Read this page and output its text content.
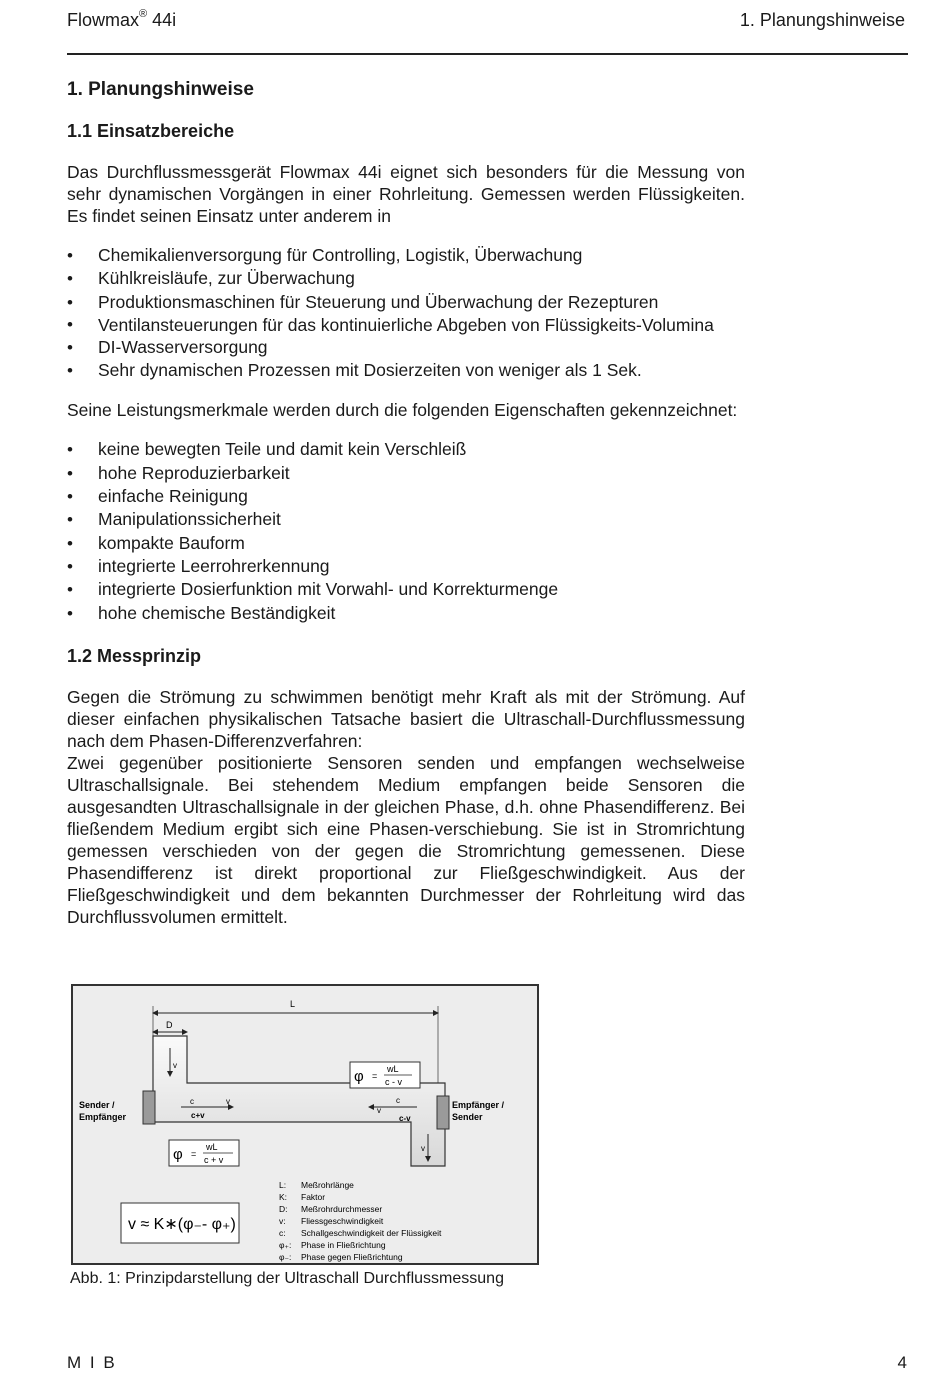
Flowmax® 44i	1. Planungshinweise
1. Planungshinweise
1.1 Einsatzbereiche

Das Durchflussmessgerät Flowmax 44i eignet sich besonders für die Messung von sehr dynamischen Vorgängen in einer Rohrleitung. Gemessen werden Flüssigkeiten. Es findet seinen Einsatz unter anderem in

• Chemikalienversorgung für Controlling, Logistik, Überwachung
• Kühlkreisläufe, zur Überwachung
• Produktionsmaschinen für Steuerung und Überwachung der Rezepturen
• Ventilansteuerungen für das kontinuierliche Abgeben von Flüssigkeits-Volumina
• DI-Wasserversorgung
• Sehr dynamischen Prozessen mit Dosierzeiten von weniger als 1 Sek.

Seine Leistungsmerkmale werden durch die folgenden Eigenschaften gekennzeichnet:

• keine bewegten Teile und damit kein Verschleiß
• hohe Reproduzierbarkeit
• einfache Reinigung
• Manipulationssicherheit
• kompakte Bauform
• integrierte Leerrohrerkennung
• integrierte Dosierfunktion mit Vorwahl- und Korrekturmenge
• hohe chemische Beständigkeit
1.2 Messprinzip

Gegen die Strömung zu schwimmen benötigt mehr Kraft als mit der Strömung. Auf dieser einfachen physikalischen Tatsache basiert die Ultraschall-Durchflussmessung nach dem Phasen-Differenzverfahren:

Zwei gegenüber positionierte Sensoren senden und empfangen wechselweise Ultraschallsignale. Bei stehendem Medium empfangen beide Sensoren die ausgesandten Ultraschallsignale in der gleichen Phase, d.h. ohne Phasendifferenz. Bei fließendem Medium ergibt sich eine Phasen-verschiebung. Sie ist in Stromrichtung gemessen verschieden von der gegen die Stromrichtung gemessenen. Diese Phasendifferenz ist direkt proportional zur Fließgeschwindigkeit. Aus der Fließgeschwindigkeit und dem bekannten Durchmesser der Rohrleitung wird das Durchflussvolumen ermittelt.

L
D
v
v
Sender /
Empfänger
Empfänger /
Sender
c	v
c+v
c
v
c-v
φ =
wL
c - v
φ =
wL
c + v
v ≈ K∗(φ₋- φ₊)
L: Meßrohrlänge
K: Faktor
D: Meßrohrdurchmesser
v: Fliessgeschwindigkeit
c: Schallgeschwindigkeit der Flüssigkeit
φ₊: Phase in Fließrichtung
φ₋: Phase gegen Fließrichtung
Abb. 1: Prinzipdarstellung der Ultraschall Durchflussmessung
M I B	4
